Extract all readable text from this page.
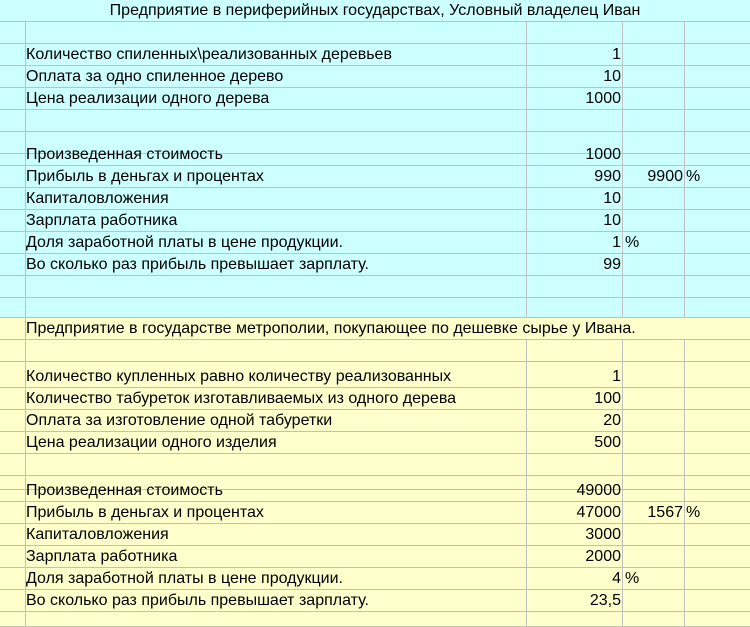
Предприятие в периферийных государствах, Условный владелец Иван
Количество спиленных\реализованных деревьев	1
Оплата за одно спиленное дерево	10
Цена реализации одного дерева	1000
Произведенная стоимость	1000
Прибыль в деньгах и процентах	990	9900 %
Капиталовложения	10
Зарплата работника	10
Доля заработной платы в цене продукции.	1 %
Во сколько раз прибыль превышает зарплату.	99
Предприятие в государстве метрополии, покупающее по дешевке сырье у Ивана.
Количество купленных равно количеству реализованных	1
Количество табуреток изготавливаемых из одного дерева	100
Оплата за изготовление одной табуретки	20
Цена реализации одного изделия	500
Произведенная стоимость	49000
Прибыль в деньгах и процентах	47000	1567 %
Капиталовложения	3000
Зарплата работника	2000
Доля заработной платы в цене продукции.	4 %
Во сколько раз прибыль превышает зарплату.	23,5
